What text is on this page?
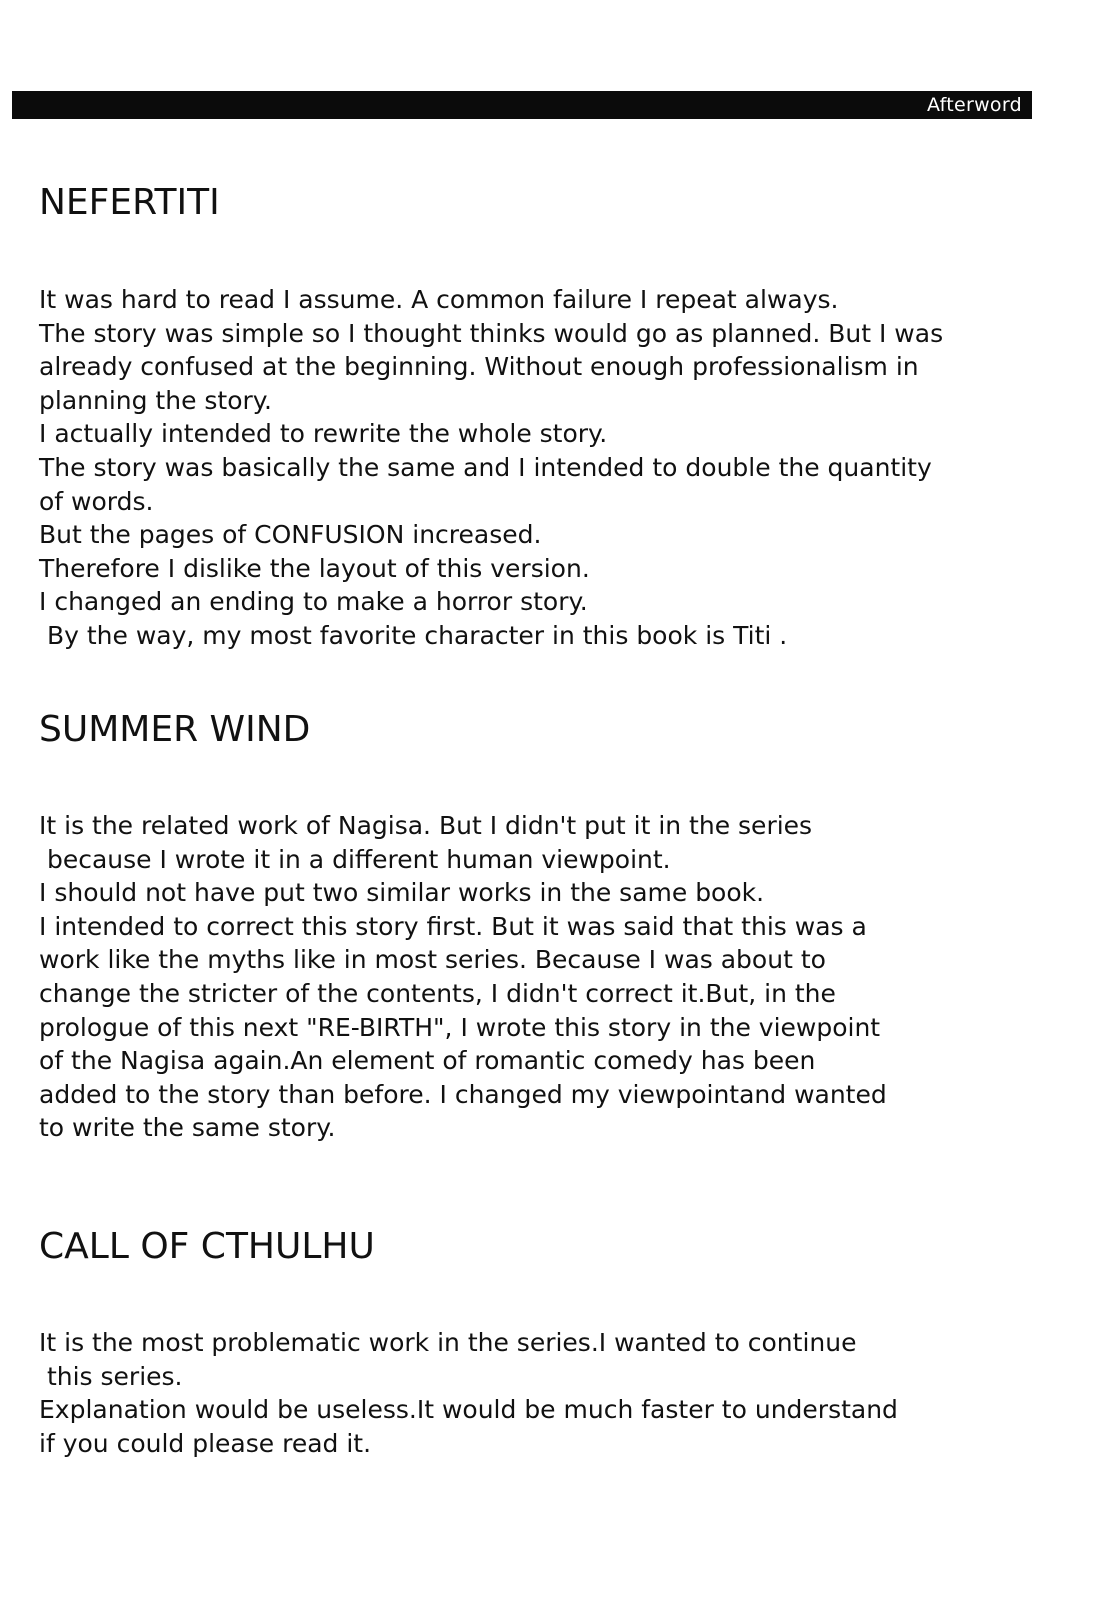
Afterword
NEFERTITI
It was hard to read I assume. A common failure I repeat always.
The story was simple so I thought thinks would go as planned. But I was
already confused at the beginning. Without enough professionalism in
planning the story.
I actually intended to rewrite the whole story.
The story was basically the same and I intended to double the quantity
of words.
But the pages of CONFUSION increased.
Therefore I dislike the layout of this version.
I changed an ending to make a horror story.
By the way, my most favorite character in this book is Titi .
SUMMER WIND
It is the related work of Nagisa. But I didn't put it in the series
because I wrote it in a different human viewpoint.
I should not have put two similar works in the same book.
I intended to correct this story first. But it was said that this was a
work like the myths like in most series. Because I was about to
change the stricter of the contents, I didn't correct it.But, in the
prologue of this next "RE-BIRTH", I wrote this story in the viewpoint
of the Nagisa again.An element of romantic comedy has been
added to the story than before. I changed my viewpointand wanted
to write the same story.
CALL OF CTHULHU
It is the most problematic work in the series.I wanted to continue
this series.
Explanation would be useless.It would be much faster to understand
if you could please read it.
